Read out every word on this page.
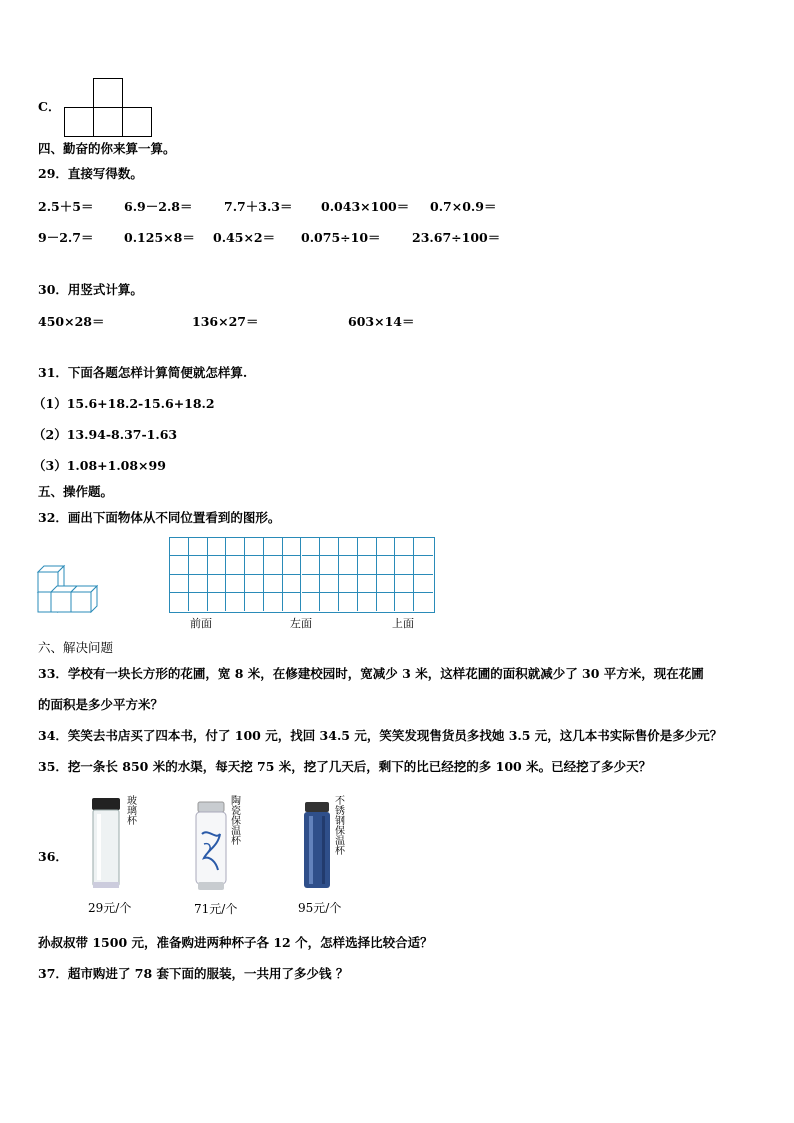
C．
四、勤奋的你来算一算。
29．直接写得数。
2.5＋5＝ 6.9－2.8＝	7.7＋3.3＝ 0.043×100＝ 0.7×0.9＝
9－2.7＝ 0.125×8＝ 0.45×2＝ 0.075÷10＝	23.67÷100＝
30．用竖式计算。
450×28＝	136×27＝	603×14＝
31．下面各题怎样计算简便就怎样算.
（1）15.6+18.2-15.6+18.2
（2）13.94-8.37-1.63
（3）1.08+1.08×99
五、操作题。
32．画出下面物体从不同位置看到的图形。
前面	左面	上面
六、解决问题
33．学校有一块长方形的花圃，宽 8 米，在修建校园时，宽减少 3 米，这样花圃的面积就减少了 30 平方米，现在花圃
的面积是多少平方米？
34．笑笑去书店买了四本书，付了 100 元，找回 34.5 元，笑笑发现售货员多找她 3.5 元，这几本书实际售价是多少元？
35．挖一条长 850 米的水渠，每天挖 75 米，挖了几天后，剩下的比已经挖的多 100 米。已经挖了多少天？
36．
玻璃杯
29元/个
陶瓷保温杯
71元/个
不锈钢保温杯
95元/个
孙叔叔带 1500 元，准备购进两种杯子各 12 个，怎样选择比较合适？
37．超市购进了 78 套下面的服装，一共用了多少钱 ？
